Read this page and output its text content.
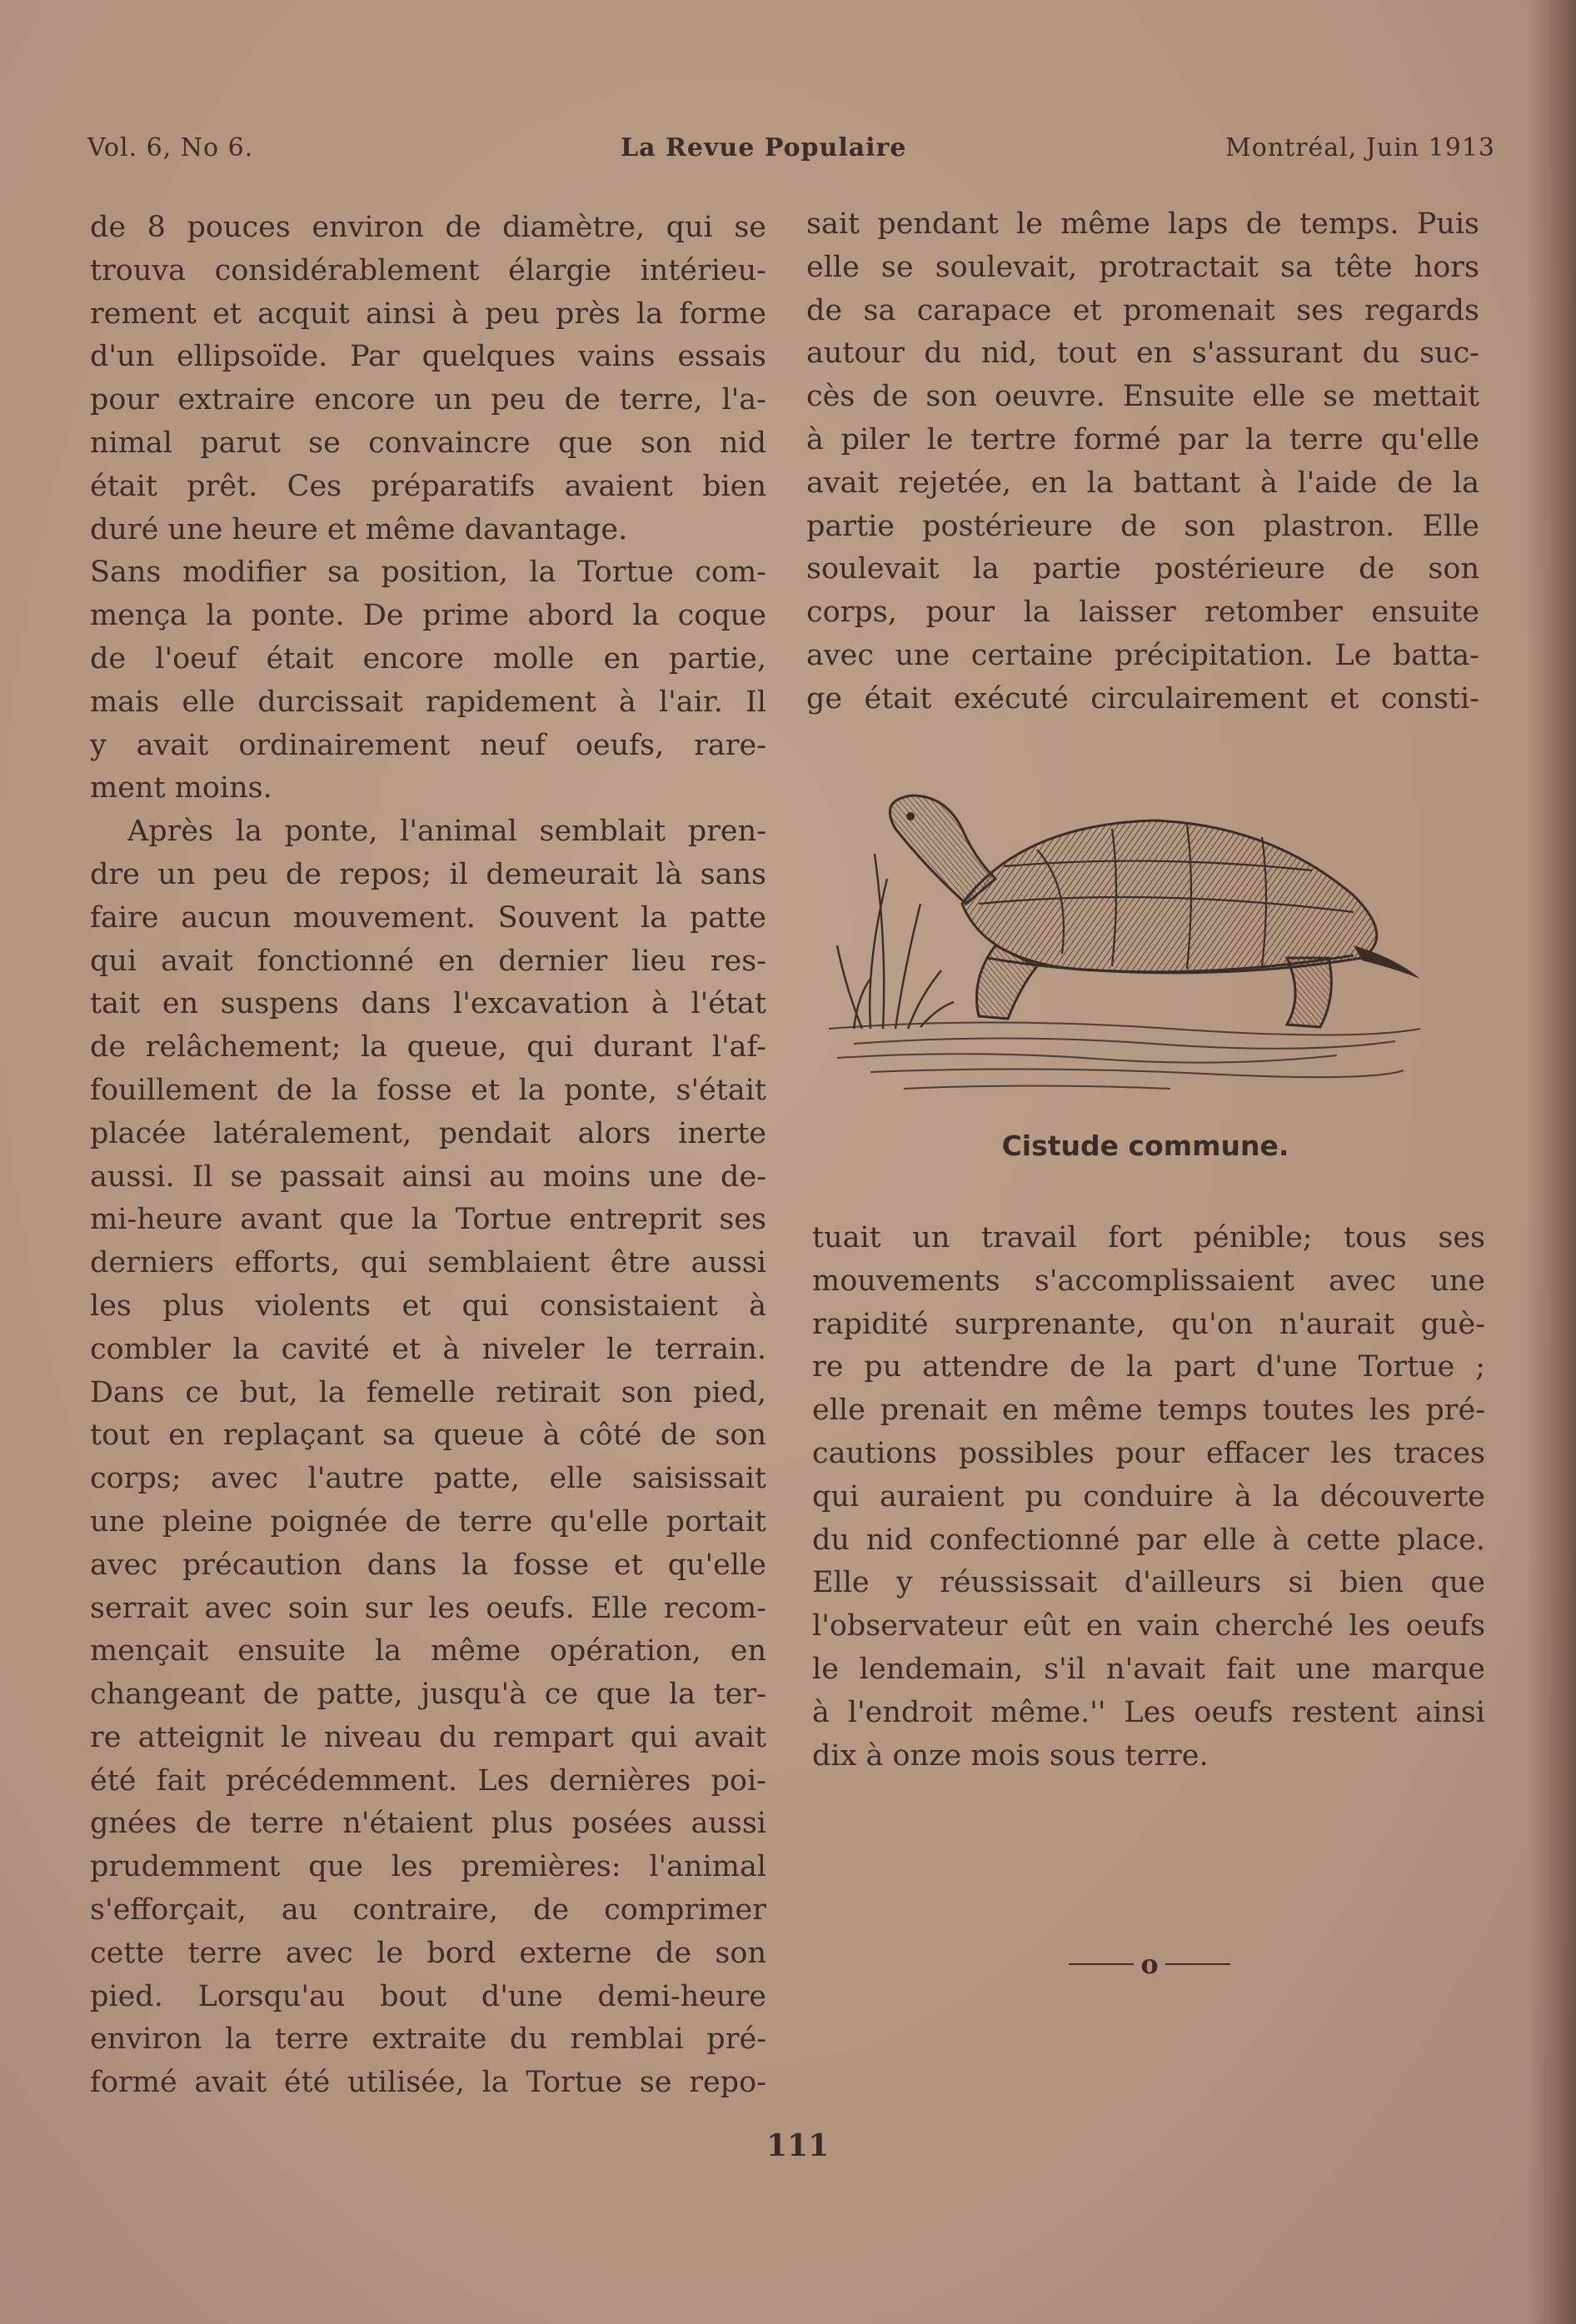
Vol. 6, No 6.	La Revue Populaire	Montréal, Juin 1913
de 8 pouces environ de diamètre, qui se
trouva considérablement élargie intérieu-
rement et acquit ainsi à peu près la forme
d'un ellipsoïde. Par quelques vains essais
pour extraire encore un peu de terre, l'a-
nimal parut se convaincre que son nid
était prêt. Ces préparatifs avaient bien
duré une heure et même davantage.
Sans modifier sa position, la Tortue com-
mença la ponte. De prime abord la coque
de l'oeuf était encore molle en partie,
mais elle durcissait rapidement à l'air. Il
y avait ordinairement neuf oeufs, rare-
ment moins.
Après la ponte, l'animal semblait pren-
dre un peu de repos; il demeurait là sans
faire aucun mouvement. Souvent la patte
qui avait fonctionné en dernier lieu res-
tait en suspens dans l'excavation à l'état
de relâchement; la queue, qui durant l'af-
fouillement de la fosse et la ponte, s'était
placée latéralement, pendait alors inerte
aussi. Il se passait ainsi au moins une de-
mi-heure avant que la Tortue entreprit ses
derniers efforts, qui semblaient être aussi
les plus violents et qui consistaient à
combler la cavité et à niveler le terrain.
Dans ce but, la femelle retirait son pied,
tout en replaçant sa queue à côté de son
corps; avec l'autre patte, elle saisissait
une pleine poignée de terre qu'elle portait
avec précaution dans la fosse et qu'elle
serrait avec soin sur les oeufs. Elle recom-
mençait ensuite la même opération, en
changeant de patte, jusqu'à ce que la ter-
re atteignit le niveau du rempart qui avait
été fait précédemment. Les dernières poi-
gnées de terre n'étaient plus posées aussi
prudemment que les premières: l'animal
s'efforçait, au contraire, de comprimer
cette terre avec le bord externe de son
pied. Lorsqu'au bout d'une demi-heure
environ la terre extraite du remblai pré-
formé avait été utilisée, la Tortue se repo-
sait pendant le même laps de temps. Puis
elle se soulevait, protractait sa tête hors
de sa carapace et promenait ses regards
autour du nid, tout en s'assurant du suc-
cès de son oeuvre. Ensuite elle se mettait
à piler le tertre formé par la terre qu'elle
avait rejetée, en la battant à l'aide de la
partie postérieure de son plastron. Elle
soulevait la partie postérieure de son
corps, pour la laisser retomber ensuite
avec une certaine précipitation. Le batta-
ge était exécuté circulairement et consti-
Cistude commune.
tuait un travail fort pénible; tous ses
mouvements s'accomplissaient avec une
rapidité surprenante, qu'on n'aurait guè-
re pu attendre de la part d'une Tortue ;
elle prenait en même temps toutes les pré-
cautions possibles pour effacer les traces
qui auraient pu conduire à la découverte
du nid confectionné par elle à cette place.
Elle y réussissait d'ailleurs si bien que
l'observateur eût en vain cherché les oeufs
le lendemain, s'il n'avait fait une marque
à l'endroit même.'' Les oeufs restent ainsi
dix à onze mois sous terre.
o
111
